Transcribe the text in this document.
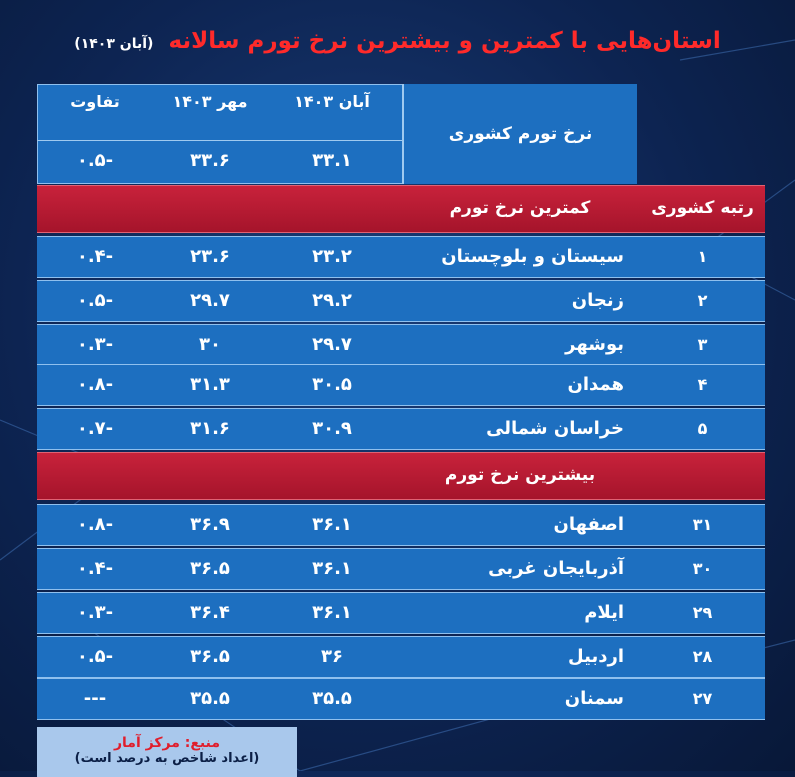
استان‌هایی با کمترین و بیشترین نرخ تورم سالانه (آبان ۱۴۰۳)
نرخ تورم کشوری
آبان ۱۴۰۳
مهر ۱۴۰۳
تفاوت
۳۳.۱
۳۳.۶
-۰.۵
رتبه کشوری
کمترین نرخ تورم
۱
سیستان و بلوچستان
۲۳.۲
۲۳.۶
-۰.۴
۲
زنجان
۲۹.۲
۲۹.۷
-۰.۵
۳
بوشهر
۲۹.۷
۳۰
-۰.۳
۴
همدان
۳۰.۵
۳۱.۳
-۰.۸
۵
خراسان شمالی
۳۰.۹
۳۱.۶
-۰.۷
بیشترین نرخ تورم
۳۱
اصفهان
۳۶.۱
۳۶.۹
-۰.۸
۳۰
آذربایجان غربی
۳۶.۱
۳۶.۵
-۰.۴
۲۹
ایلام
۳۶.۱
۳۶.۴
-۰.۳
۲۸
اردبیل
۳۶
۳۶.۵
-۰.۵
۲۷
سمنان
۳۵.۵
۳۵.۵
---
منبع: مرکز آمار
(اعداد شاخص به درصد است)
